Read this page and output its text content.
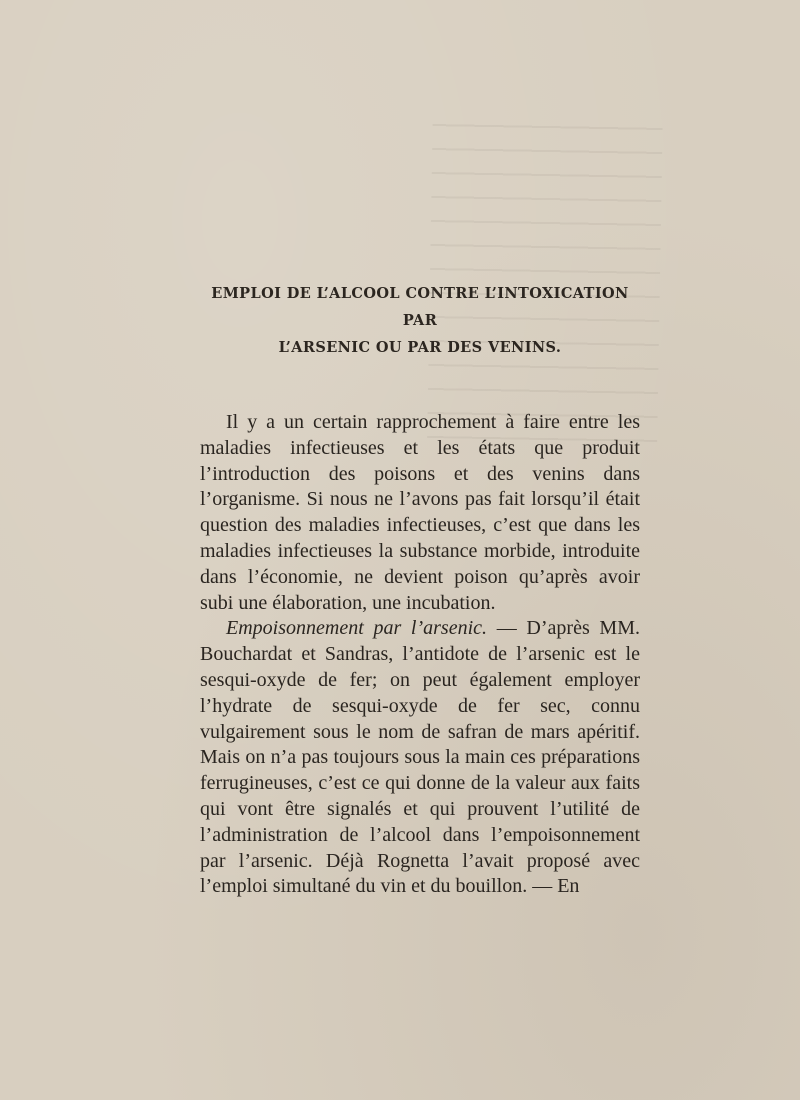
EMPLOI DE L’ALCOOL CONTRE L’INTOXICATION PAR
L’ARSENIC OU PAR DES VENINS.

Il y a un certain rapprochement à faire entre les maladies infectieuses et les états que produit l’introduction des poisons et des venins dans l’organisme. Si nous ne l’avons pas fait lorsqu’il était question des maladies infectieuses, c’est que dans les maladies infectieuses la substance morbide, introduite dans l’économie, ne devient poison qu’après avoir subi une élaboration, une incubation.

Empoisonnement par l’arsenic. — D’après MM. Bouchardat et Sandras, l’antidote de l’arsenic est le sesqui-oxyde de fer; on peut également employer l’hydrate de sesqui-oxyde de fer sec, connu vulgairement sous le nom de safran de mars apéritif. Mais on n’a pas toujours sous la main ces préparations ferrugineuses, c’est ce qui donne de la valeur aux faits qui vont être signalés et qui prouvent l’utilité de l’administration de l’alcool dans l’empoisonnement par l’arsenic. Déjà Rognetta l’avait proposé avec l’emploi simultané du vin et du bouillon. — En
